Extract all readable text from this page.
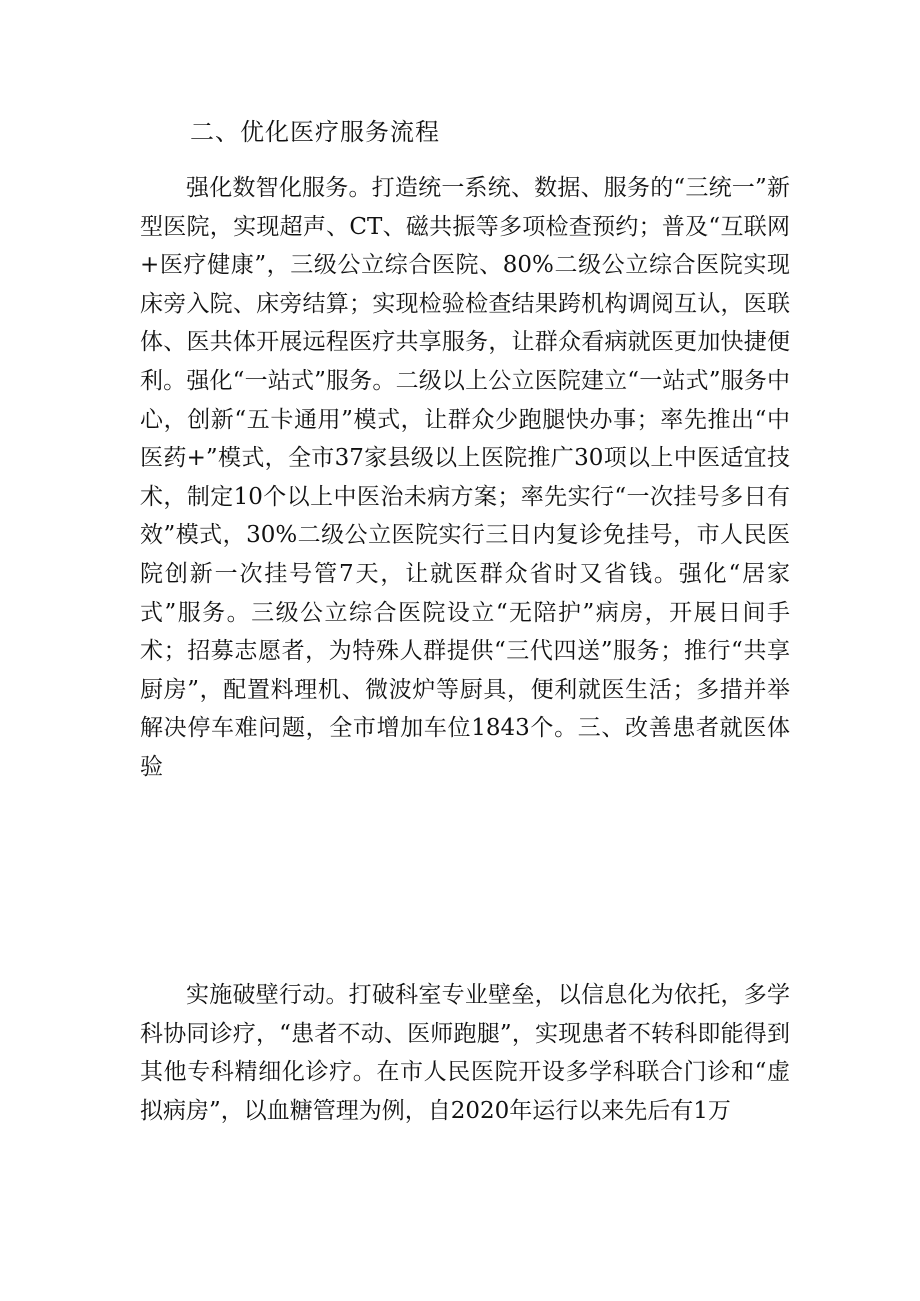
二、优化医疗服务流程

强化数智化服务。打造统一系统、数据、服务的“三统一”新型医院，实现超声、CT、磁共振等多项检查预约；普及“互联网+医疗健康”，三级公立综合医院、80%二级公立综合医院实现床旁入院、床旁结算；实现检验检查结果跨机构调阅互认，医联体、医共体开展远程医疗共享服务，让群众看病就医更加快捷便利。强化“一站式”服务。二级以上公立医院建立“一站式”服务中心，创新“五卡通用”模式，让群众少跑腿快办事；率先推出“中医药+”模式，全市37家县级以上医院推广30项以上中医适宜技术，制定10个以上中医治未病方案；率先实行“一次挂号多日有效”模式，30%二级公立医院实行三日内复诊免挂号，市人民医院创新一次挂号管7天，让就医群众省时又省钱。强化“居家式”服务。三级公立综合医院设立“无陪护”病房，开展日间手术；招募志愿者，为特殊人群提供“三代四送”服务；推行“共享厨房”，配置料理机、微波炉等厨具，便利就医生活；多措并举解决停车难问题，全市增加车位1843个。三、改善患者就医体验

实施破壁行动。打破科室专业壁垒，以信息化为依托，多学科协同诊疗，“患者不动、医师跑腿”，实现患者不转科即能得到其他专科精细化诊疗。在市人民医院开设多学科联合门诊和“虚拟病房”，以血糖管理为例，自2020年运行以来先后有1万
